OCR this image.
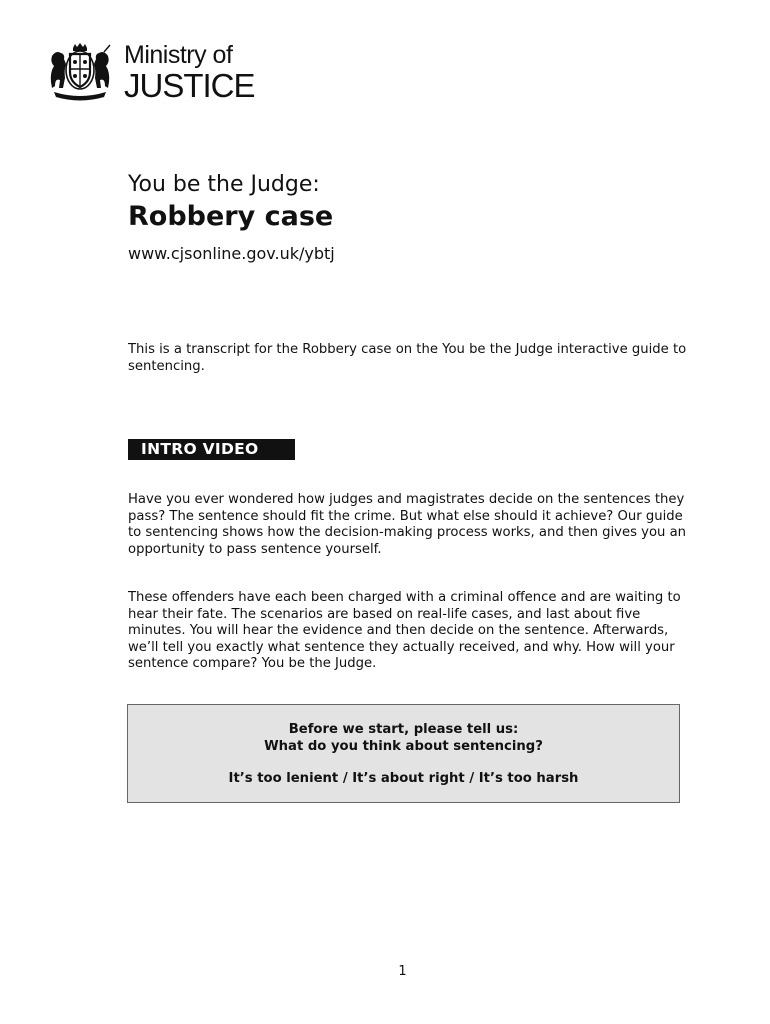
Ministry of
JUSTICE
You be the Judge:
Robbery case
www.cjsonline.gov.uk/ybtj
This is a transcript for the Robbery case on the You be the Judge interactive guide to sentencing.
INTRO VIDEO
Have you ever wondered how judges and magistrates decide on the sentences they pass? The sentence should fit the crime. But what else should it achieve? Our guide to sentencing shows how the decision-making process works, and then gives you an opportunity to pass sentence yourself.
These offenders have each been charged with a criminal offence and are waiting to hear their fate. The scenarios are based on real-life cases, and last about five minutes. You will hear the evidence and then decide on the sentence. Afterwards, we’ll tell you exactly what sentence they actually received, and why. How will your sentence compare? You be the Judge.
Before we start, please tell us:
What do you think about sentencing?
It’s too lenient / It’s about right / It’s too harsh
1
